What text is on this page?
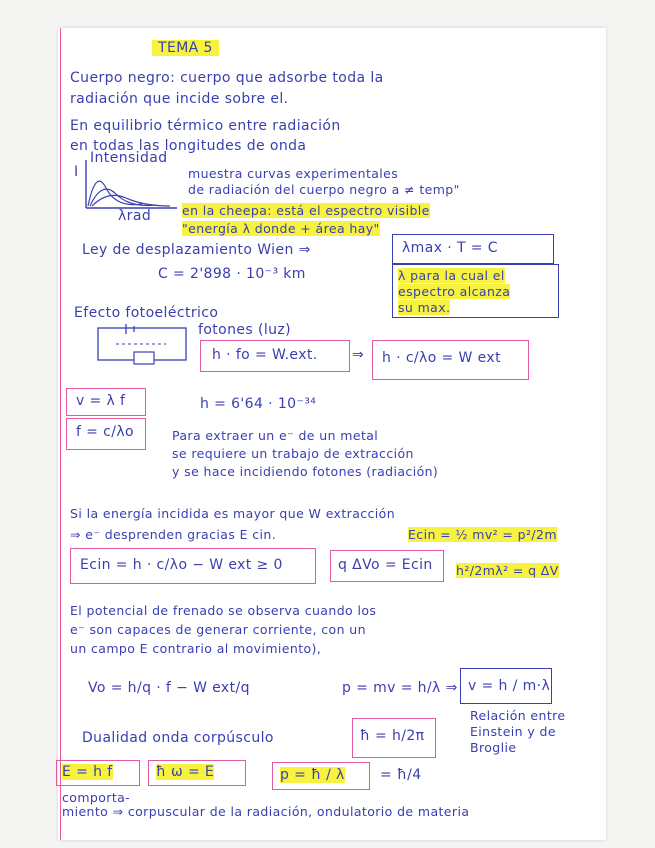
TEMA 5
Cuerpo negro: cuerpo que adsorbe toda la
radiación que incide sobre el.
En equilibrio térmico entre radiación
en todas las longitudes de onda
I
Intensidad
muestra curvas experimentales
de radiación del cuerpo negro a ≠ temp"
λrad en la cheepa: está el espectro visible
"energía λ donde + área hay"
Ley de desplazamiento Wien ⇒	λmax · T = C
C = 2'898 · 10⁻³ km	λ para la cual el
espectro alcanza
su max.
Efecto fotoeléctrico
fotones (luz)
h · fo = W.ext. ⇒ h · c/λo = W ext
v = λ f	h = 6'64 · 10⁻³⁴
f = c/λo	Para extraer un e⁻ de un metal
se requiere un trabajo de extracción
y se hace incidiendo fotones (radiación)
Si la energía incidida es mayor que W extracción
⇒ e⁻ desprenden gracias E cin.	Ecin = ½ mv² = p²/2m
Ecin = h · c/λo − W ext ≥ 0	q ΔVo = Ecin h²/2mλ² = q ΔV
El potencial de frenado se observa cuando los
e⁻ son capaces de generar corriente, con un
un campo E contrario al movimiento),
Vo = h/q · f − W ext/q	p = mv = h/λ ⇒ v = h / m·λ
Relación entre
Einstein y de
Broglie
Dualidad onda corpúsculo	ħ = h/2π
E = h f	ħ ω = E	p = ħ / λ	= ħ/4
comporta-
miento ⇒ corpuscular de la radiación, ondulatorio de materia
